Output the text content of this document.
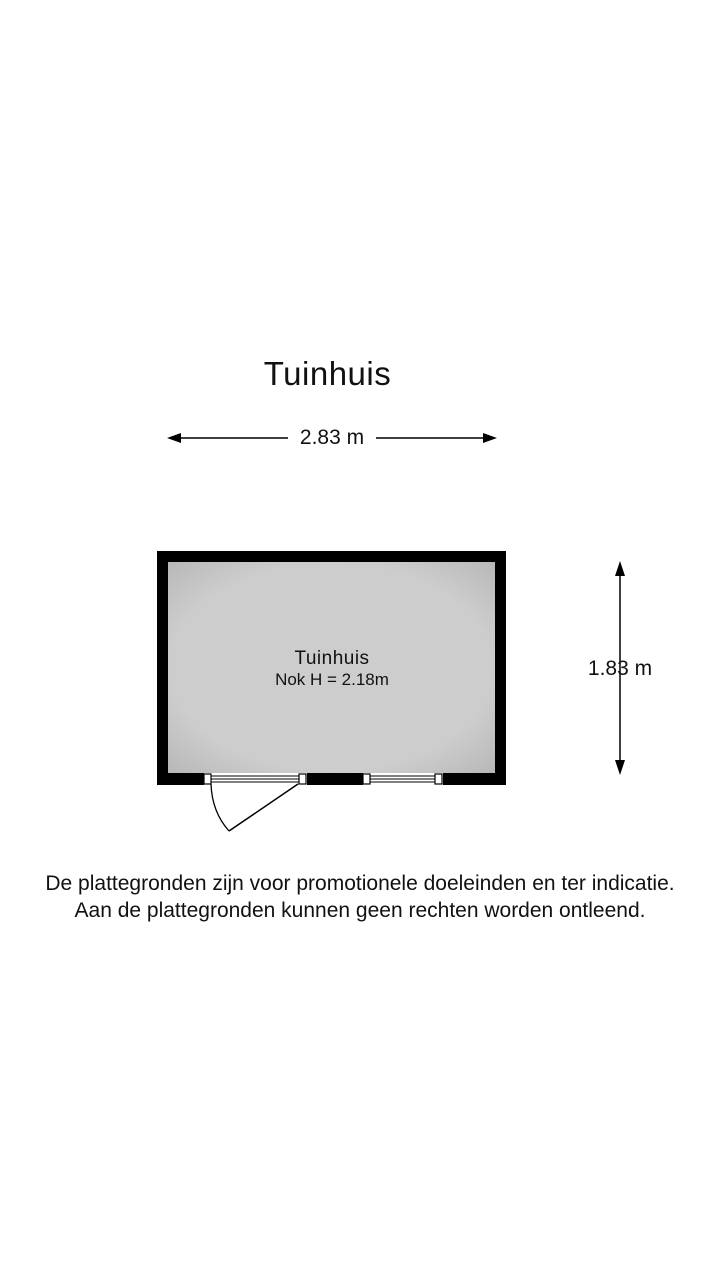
Tuinhuis
2.83 m
1.83 m
Tuinhuis
Nok H = 2.18m
De plattegronden zijn voor promotionele doeleinden en ter indicatie.
Aan de plattegronden kunnen geen rechten worden ontleend.
